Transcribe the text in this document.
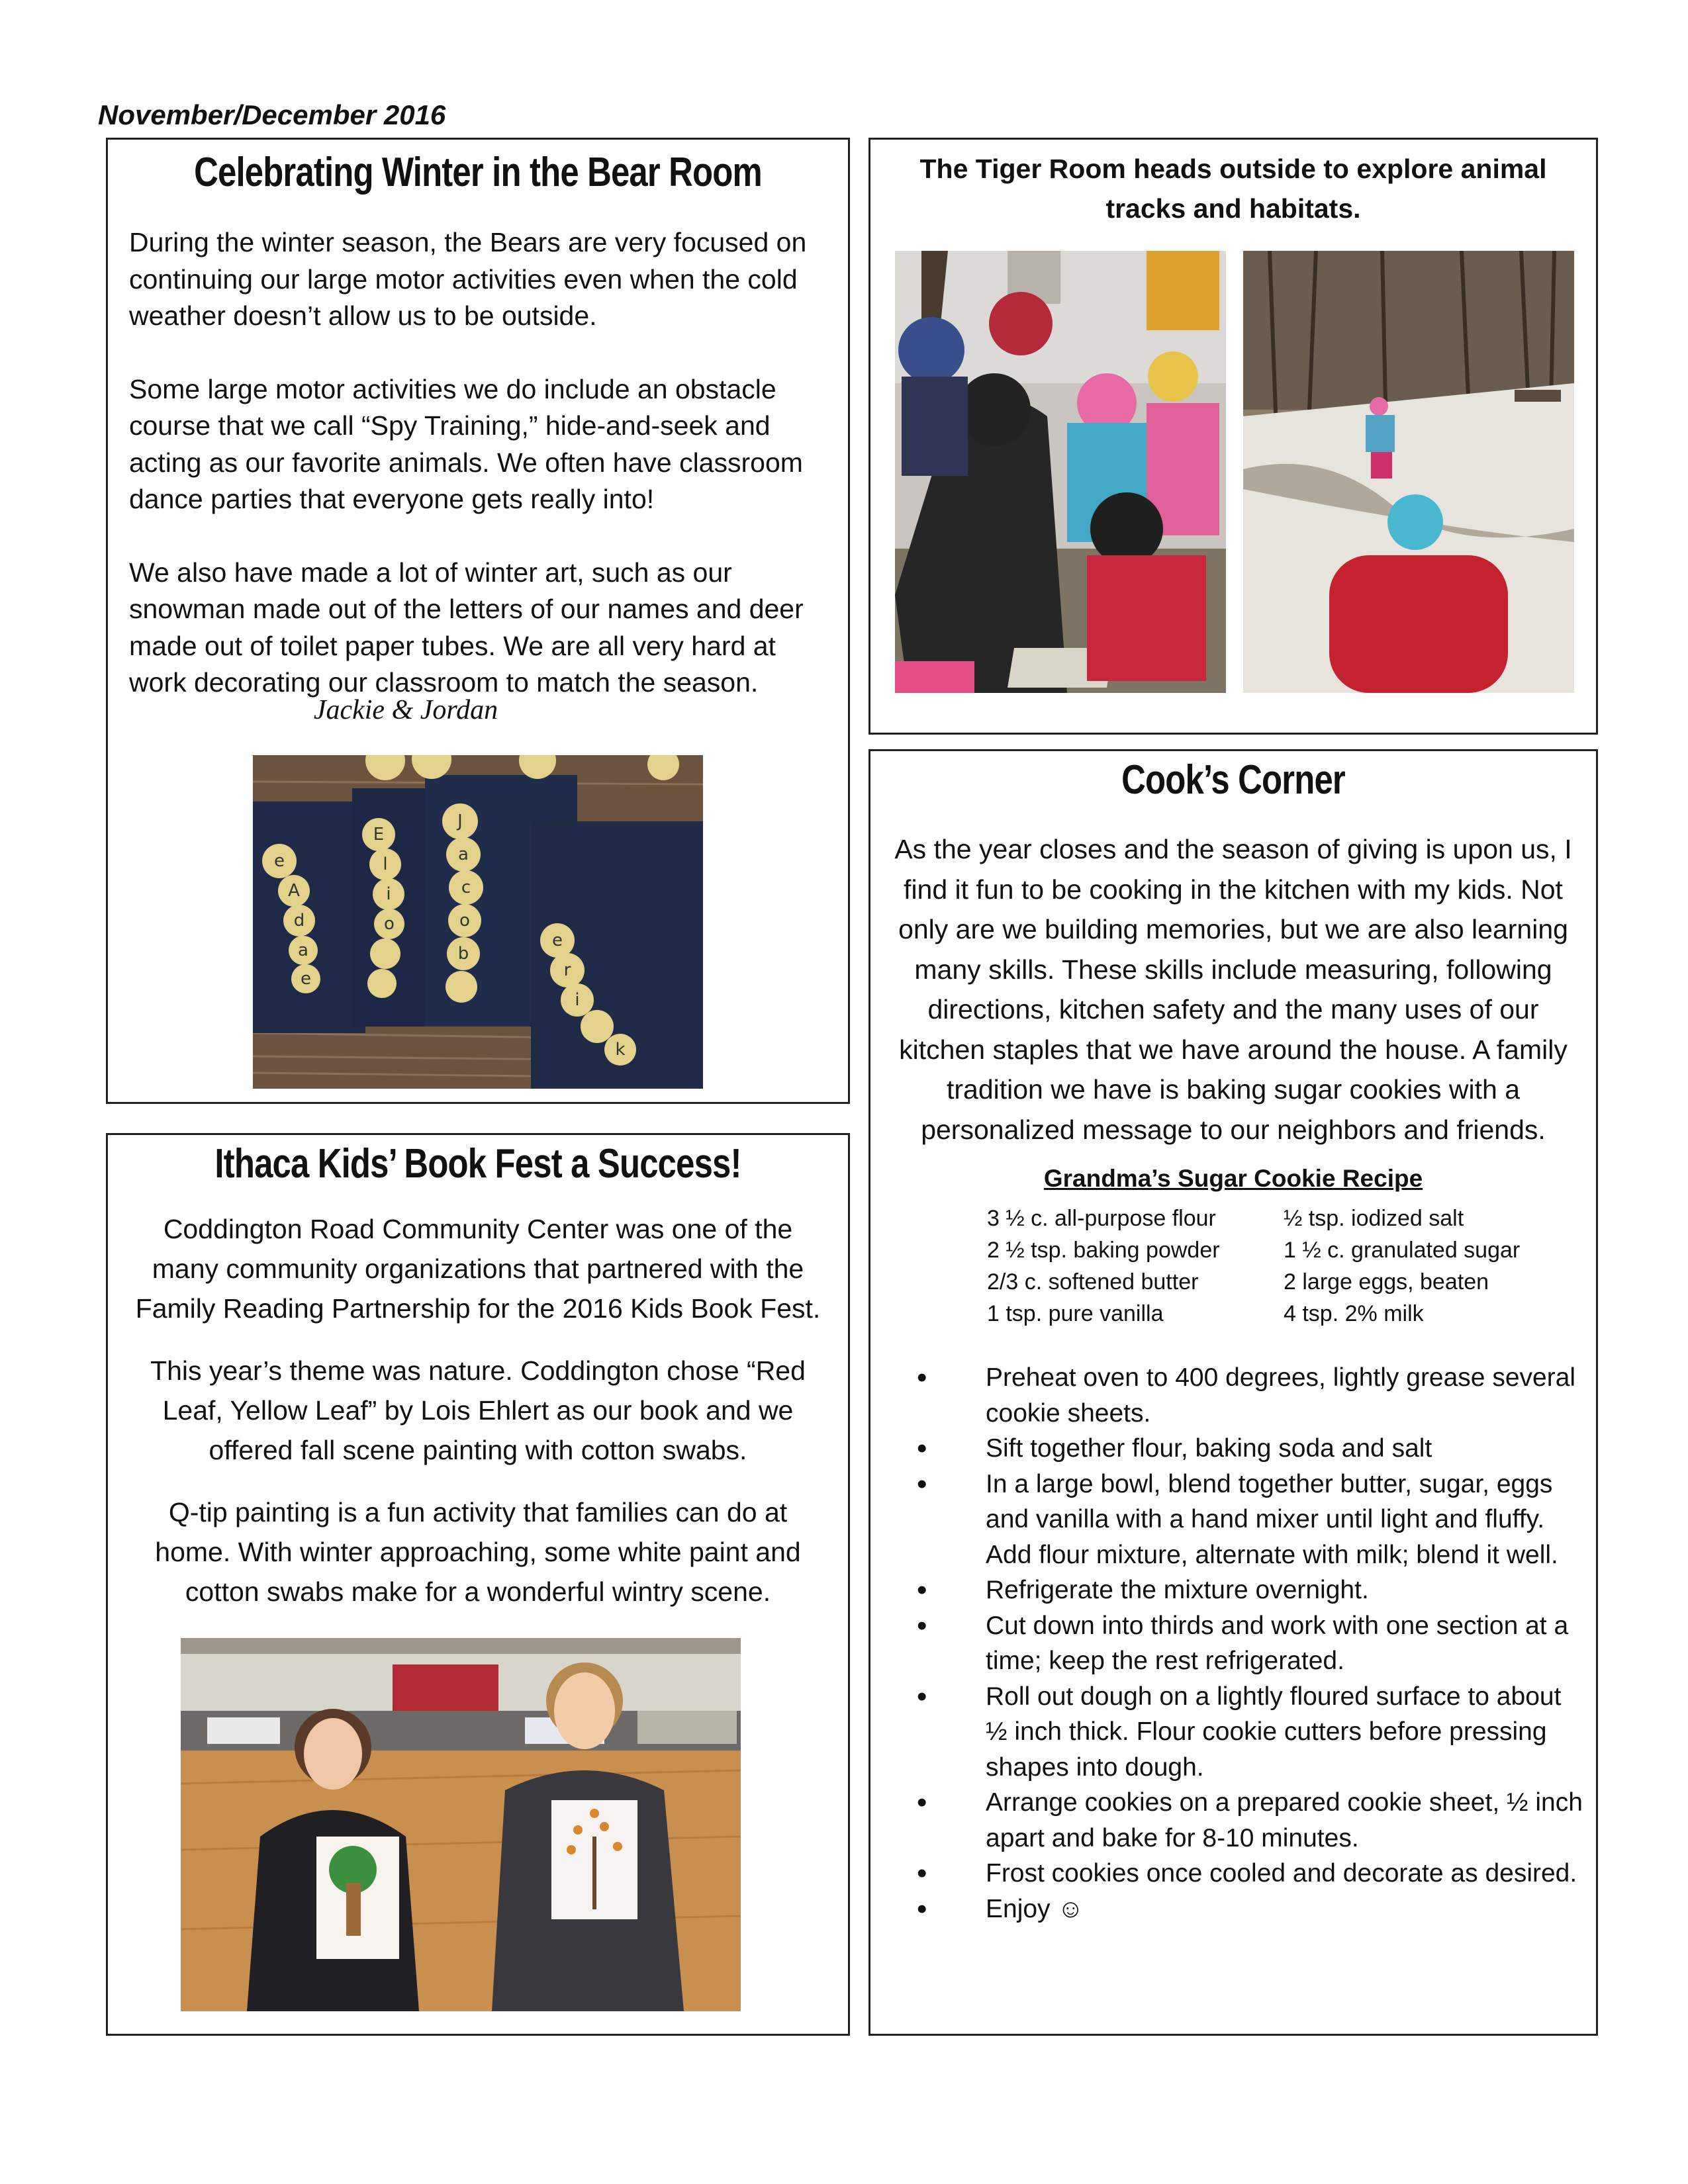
November/December 2016
Celebrating Winter in the Bear Room

During the winter season, the Bears are very focused on continuing our large motor activities even when the cold weather doesn’t allow us to be outside.

Some large motor activities we do include an obstacle course that we call “Spy Training,” hide-and-seek and acting as our favorite animals. We often have classroom dance parties that everyone gets really into!

We also have made a lot of winter art, such as our snowman made out of the letters of our names and deer made out of toilet paper tubes. We are all very hard at work decorating our classroom to match the season.

Jackie & Jordan
A
d
a
e
e
E
l
i
o
J
a
c
o
b
e
r
i
k
The Tiger Room heads outside to explore animal tracks and habitats.
Cook’s Corner
As the year closes and the season of giving is upon us, I find it fun to be cooking in the kitchen with my kids. Not only are we building memories, but we are also learning many skills. These skills include measuring, following directions, kitchen safety and the many uses of our kitchen staples that we have around the house. A family tradition we have is baking sugar cookies with a personalized message to our neighbors and friends.
Grandma’s Sugar Cookie Recipe
3 ½ c. all-purpose flour	½ tsp. iodized salt
2 ½ tsp. baking powder	1 ½ c. granulated sugar
2/3 c. softened butter	2 large eggs, beaten
1 tsp. pure vanilla	4 tsp. 2% milk
• Preheat oven to 400 degrees, lightly grease several cookie sheets.
• Sift together flour, baking soda and salt
• In a large bowl, blend together butter, sugar, eggs and vanilla with a hand mixer until light and fluffy. Add flour mixture, alternate with milk; blend it well.
• Refrigerate the mixture overnight.
• Cut down into thirds and work with one section at a time; keep the rest refrigerated.
• Roll out dough on a lightly floured surface to about ½ inch thick. Flour cookie cutters before pressing shapes into dough.
• Arrange cookies on a prepared cookie sheet, ½ inch apart and bake for 8-10 minutes.
• Frost cookies once cooled and decorate as desired.
• Enjoy ☺
Ithaca Kids’ Book Fest a Success!

Coddington Road Community Center was one of the many community organizations that partnered with the Family Reading Partnership for the 2016 Kids Book Fest.

This year’s theme was nature. Coddington chose “Red Leaf, Yellow Leaf” by Lois Ehlert as our book and we offered fall scene painting with cotton swabs.

Q-tip painting is a fun activity that families can do at home. With winter approaching, some white paint and cotton swabs make for a wonderful wintry scene.
